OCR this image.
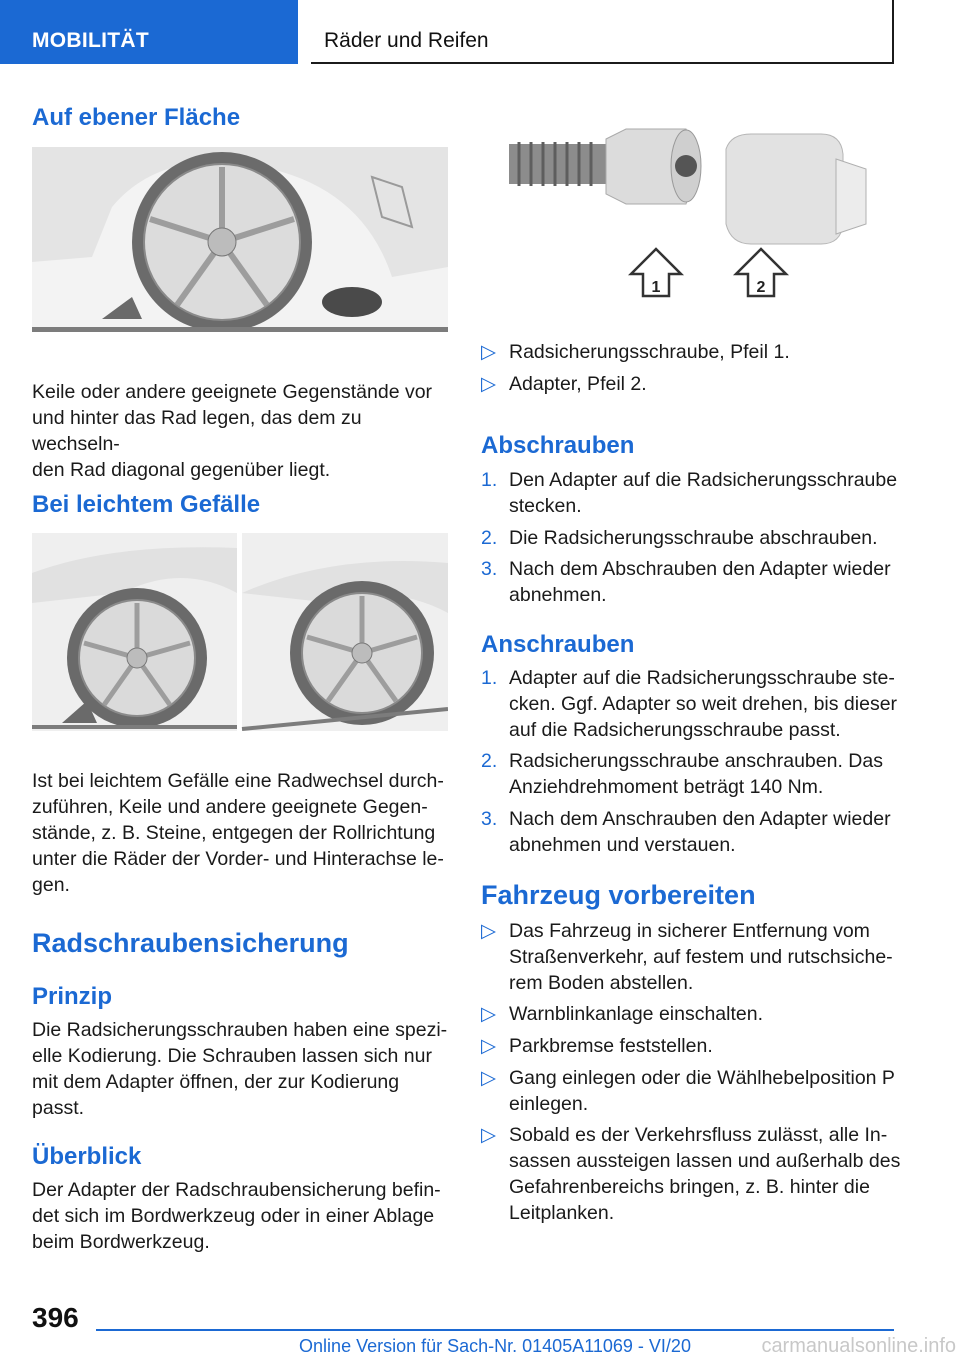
MOBILITÄT	Räder und Reifen
Auf ebener Fläche
Keile oder andere geeignete Gegenstände vor
und hinter das Rad legen, das dem zu wechseln‐
den Rad diagonal gegenüber liegt.
Bei leichtem Gefälle
Ist bei leichtem Gefälle eine Radwechsel durch‐
zuführen, Keile und andere geeignete Gegen‐
stände, z. B. Steine, entgegen der Rollrichtung
unter die Räder der Vorder- und Hinterachse le‐
gen.
Radschraubensicherung
Prinzip
Die Radsicherungsschrauben haben eine spezi‐
elle Kodierung. Die Schrauben lassen sich nur
mit dem Adapter öffnen, der zur Kodierung
passt.
Überblick
Der Adapter der Radschraubensicherung befin‐
det sich im Bordwerkzeug oder in einer Ablage
beim Bordwerkzeug.
1	2
▷ Radsicherungsschraube, Pfeil 1.
▷ Adapter, Pfeil 2.
Abschrauben
1. Den Adapter auf die Radsicherungsschraube
stecken.
2. Die Radsicherungsschraube abschrauben.
3. Nach dem Abschrauben den Adapter wieder
abnehmen.
Anschrauben
1. Adapter auf die Radsicherungsschraube ste‐
cken. Ggf. Adapter so weit drehen, bis dieser
auf die Radsicherungsschraube passt.
2. Radsicherungsschraube anschrauben. Das
Anziehdrehmoment beträgt 140 Nm.
3. Nach dem Anschrauben den Adapter wieder
abnehmen und verstauen.
Fahrzeug vorbereiten
▷ Das Fahrzeug in sicherer Entfernung vom
Straßenverkehr, auf festem und rutschsiche‐
rem Boden abstellen.
▷ Warnblinkanlage einschalten.
▷ Parkbremse feststellen.
▷ Gang einlegen oder die Wählhebelposition P
einlegen.
▷ Sobald es der Verkehrsfluss zulässt, alle In‐
sassen aussteigen lassen und außerhalb des
Gefahrenbereichs bringen, z. B. hinter die
Leitplanken.
396
Online Version für Sach-Nr. 01405A11069 - VI/20	carmanualsonline.info
